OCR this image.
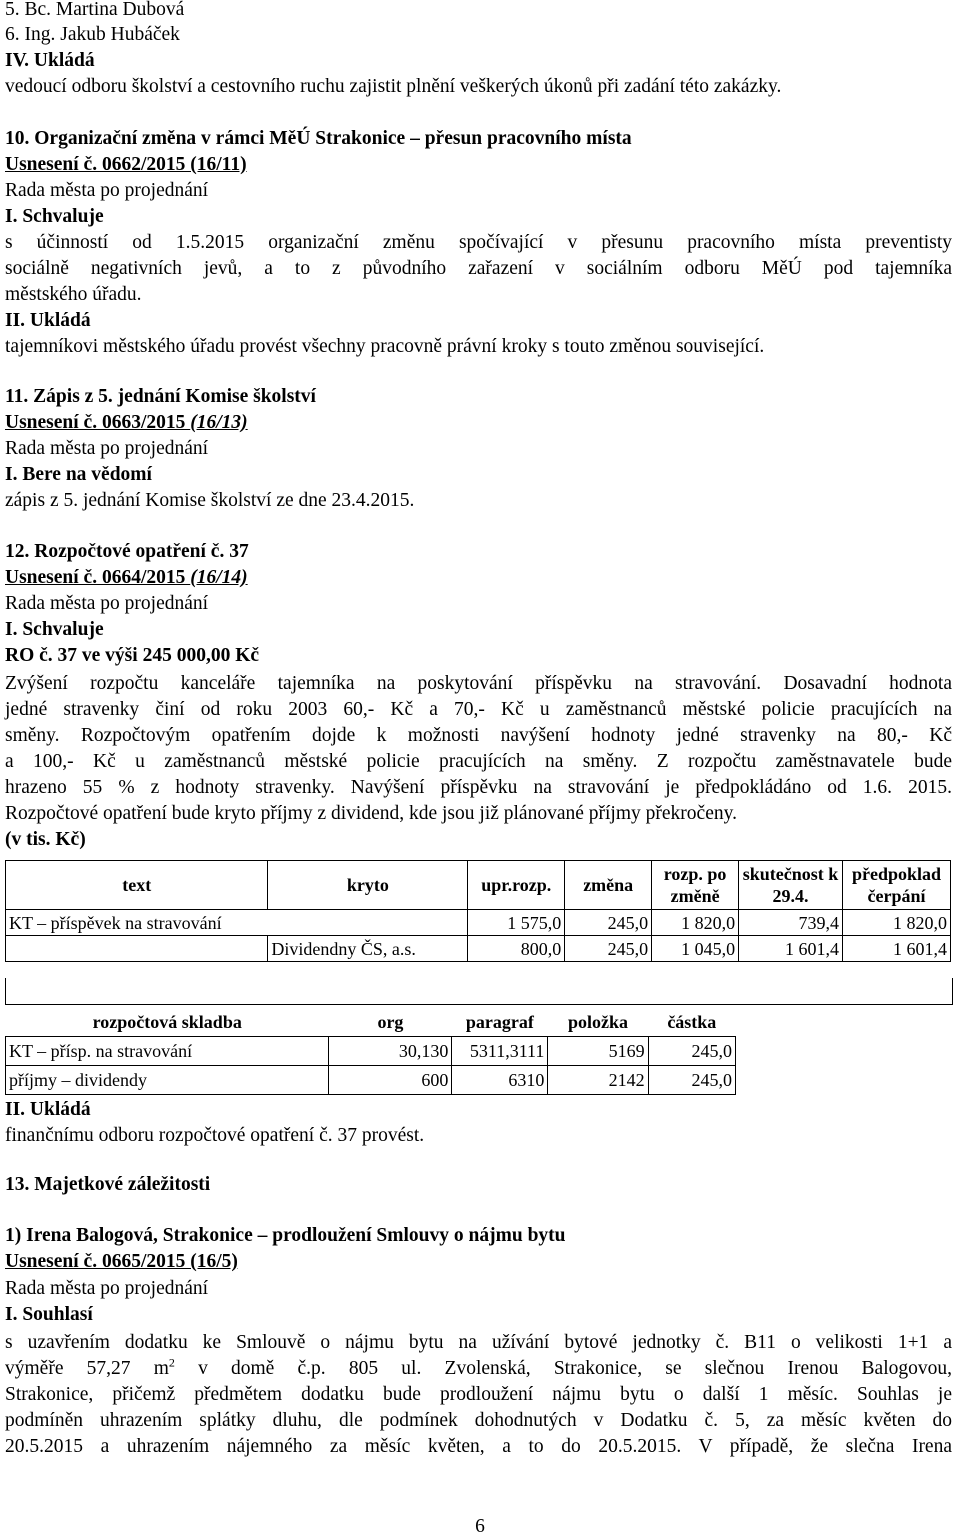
5. Bc. Martina Dubová
6. Ing. Jakub Hubáček
IV. Ukládá
vedoucí odboru školství a cestovního ruchu zajistit plnění veškerých úkonů při zadání této zakázky.
10. Organizační změna v rámci MěÚ Strakonice – přesun pracovního místa
Usnesení č. 0662/2015 (16/11)
Rada města po projednání
I. Schvaluje
s účinností od 1.5.2015 organizační změnu spočívající v přesunu pracovního místa preventisty
sociálně negativních jevů, a to z původního zařazení v sociálním odboru MěÚ pod tajemníka
městského úřadu.
II. Ukládá
tajemníkovi městského úřadu provést všechny pracovně právní kroky s touto změnou související.
11. Zápis z 5. jednání Komise školství
Usnesení č. 0663/2015 (16/13)
Rada města po projednání
I. Bere na vědomí
zápis z 5. jednání Komise školství ze dne 23.4.2015.
12. Rozpočtové opatření č. 37
Usnesení č. 0664/2015 (16/14)
Rada města po projednání
I. Schvaluje
RO č. 37 ve výši 245 000,00 Kč
Zvýšení rozpočtu kanceláře tajemníka na poskytování příspěvku na stravování. Dosavadní hodnota
jedné stravenky činí od roku 2003 60,- Kč a 70,- Kč u zaměstnanců městské policie pracujících na
směny. Rozpočtovým opatřením dojde k možnosti navýšení hodnoty jedné stravenky na 80,- Kč
a 100,- Kč u zaměstnanců městské policie pracujících na směny. Z rozpočtu zaměstnavatele bude
hrazeno 55 % z hodnoty stravenky. Navýšení příspěvku na stravování je předpokládáno od 1.6. 2015.
Rozpočtové opatření bude kryto příjmy z dividend, kde jsou již plánované příjmy překročeny.
(v tis. Kč)
text	kryto	upr.rozp.	změna	rozp. po změně	skutečnost k 29.4.	předpoklad čerpání
KT – příspěvek na stravování		1 575,0	245,0	1 820,0	739,4	1 820,0
	Dividendny ČS, a.s.	800,0	245,0	1 045,0	1 601,4	1 601,4
rozpočtová skladba	org	paragraf	položka	částka
KT – přísp. na stravování	30,130	5311,3111	5169	245,0
příjmy – dividendy	600	6310	2142	245,0
II. Ukládá
finančnímu odboru rozpočtové opatření č. 37 provést.
13. Majetkové záležitosti
1) Irena Balogová, Strakonice – prodloužení Smlouvy o nájmu bytu
Usnesení č. 0665/2015 (16/5)
Rada města po projednání
I. Souhlasí
s uzavřením dodatku ke Smlouvě o nájmu bytu na užívání bytové jednotky č. B11 o velikosti 1+1 a
výměře 57,27 $m^2$ v domě č.p. 805 ul. Zvolenská, Strakonice, se slečnou Irenou Balogovou,
Strakonice, přičemž předmětem dodatku bude prodloužení nájmu bytu o další 1 měsíc. Souhlas je
podmíněn uhrazením splátky dluhu, dle podmínek dohodnutých v Dodatku č. 5, za měsíc květen do
20.5.2015 a uhrazením nájemného za měsíc květen, a to do 20.5.2015. V případě, že slečna Irena
6
